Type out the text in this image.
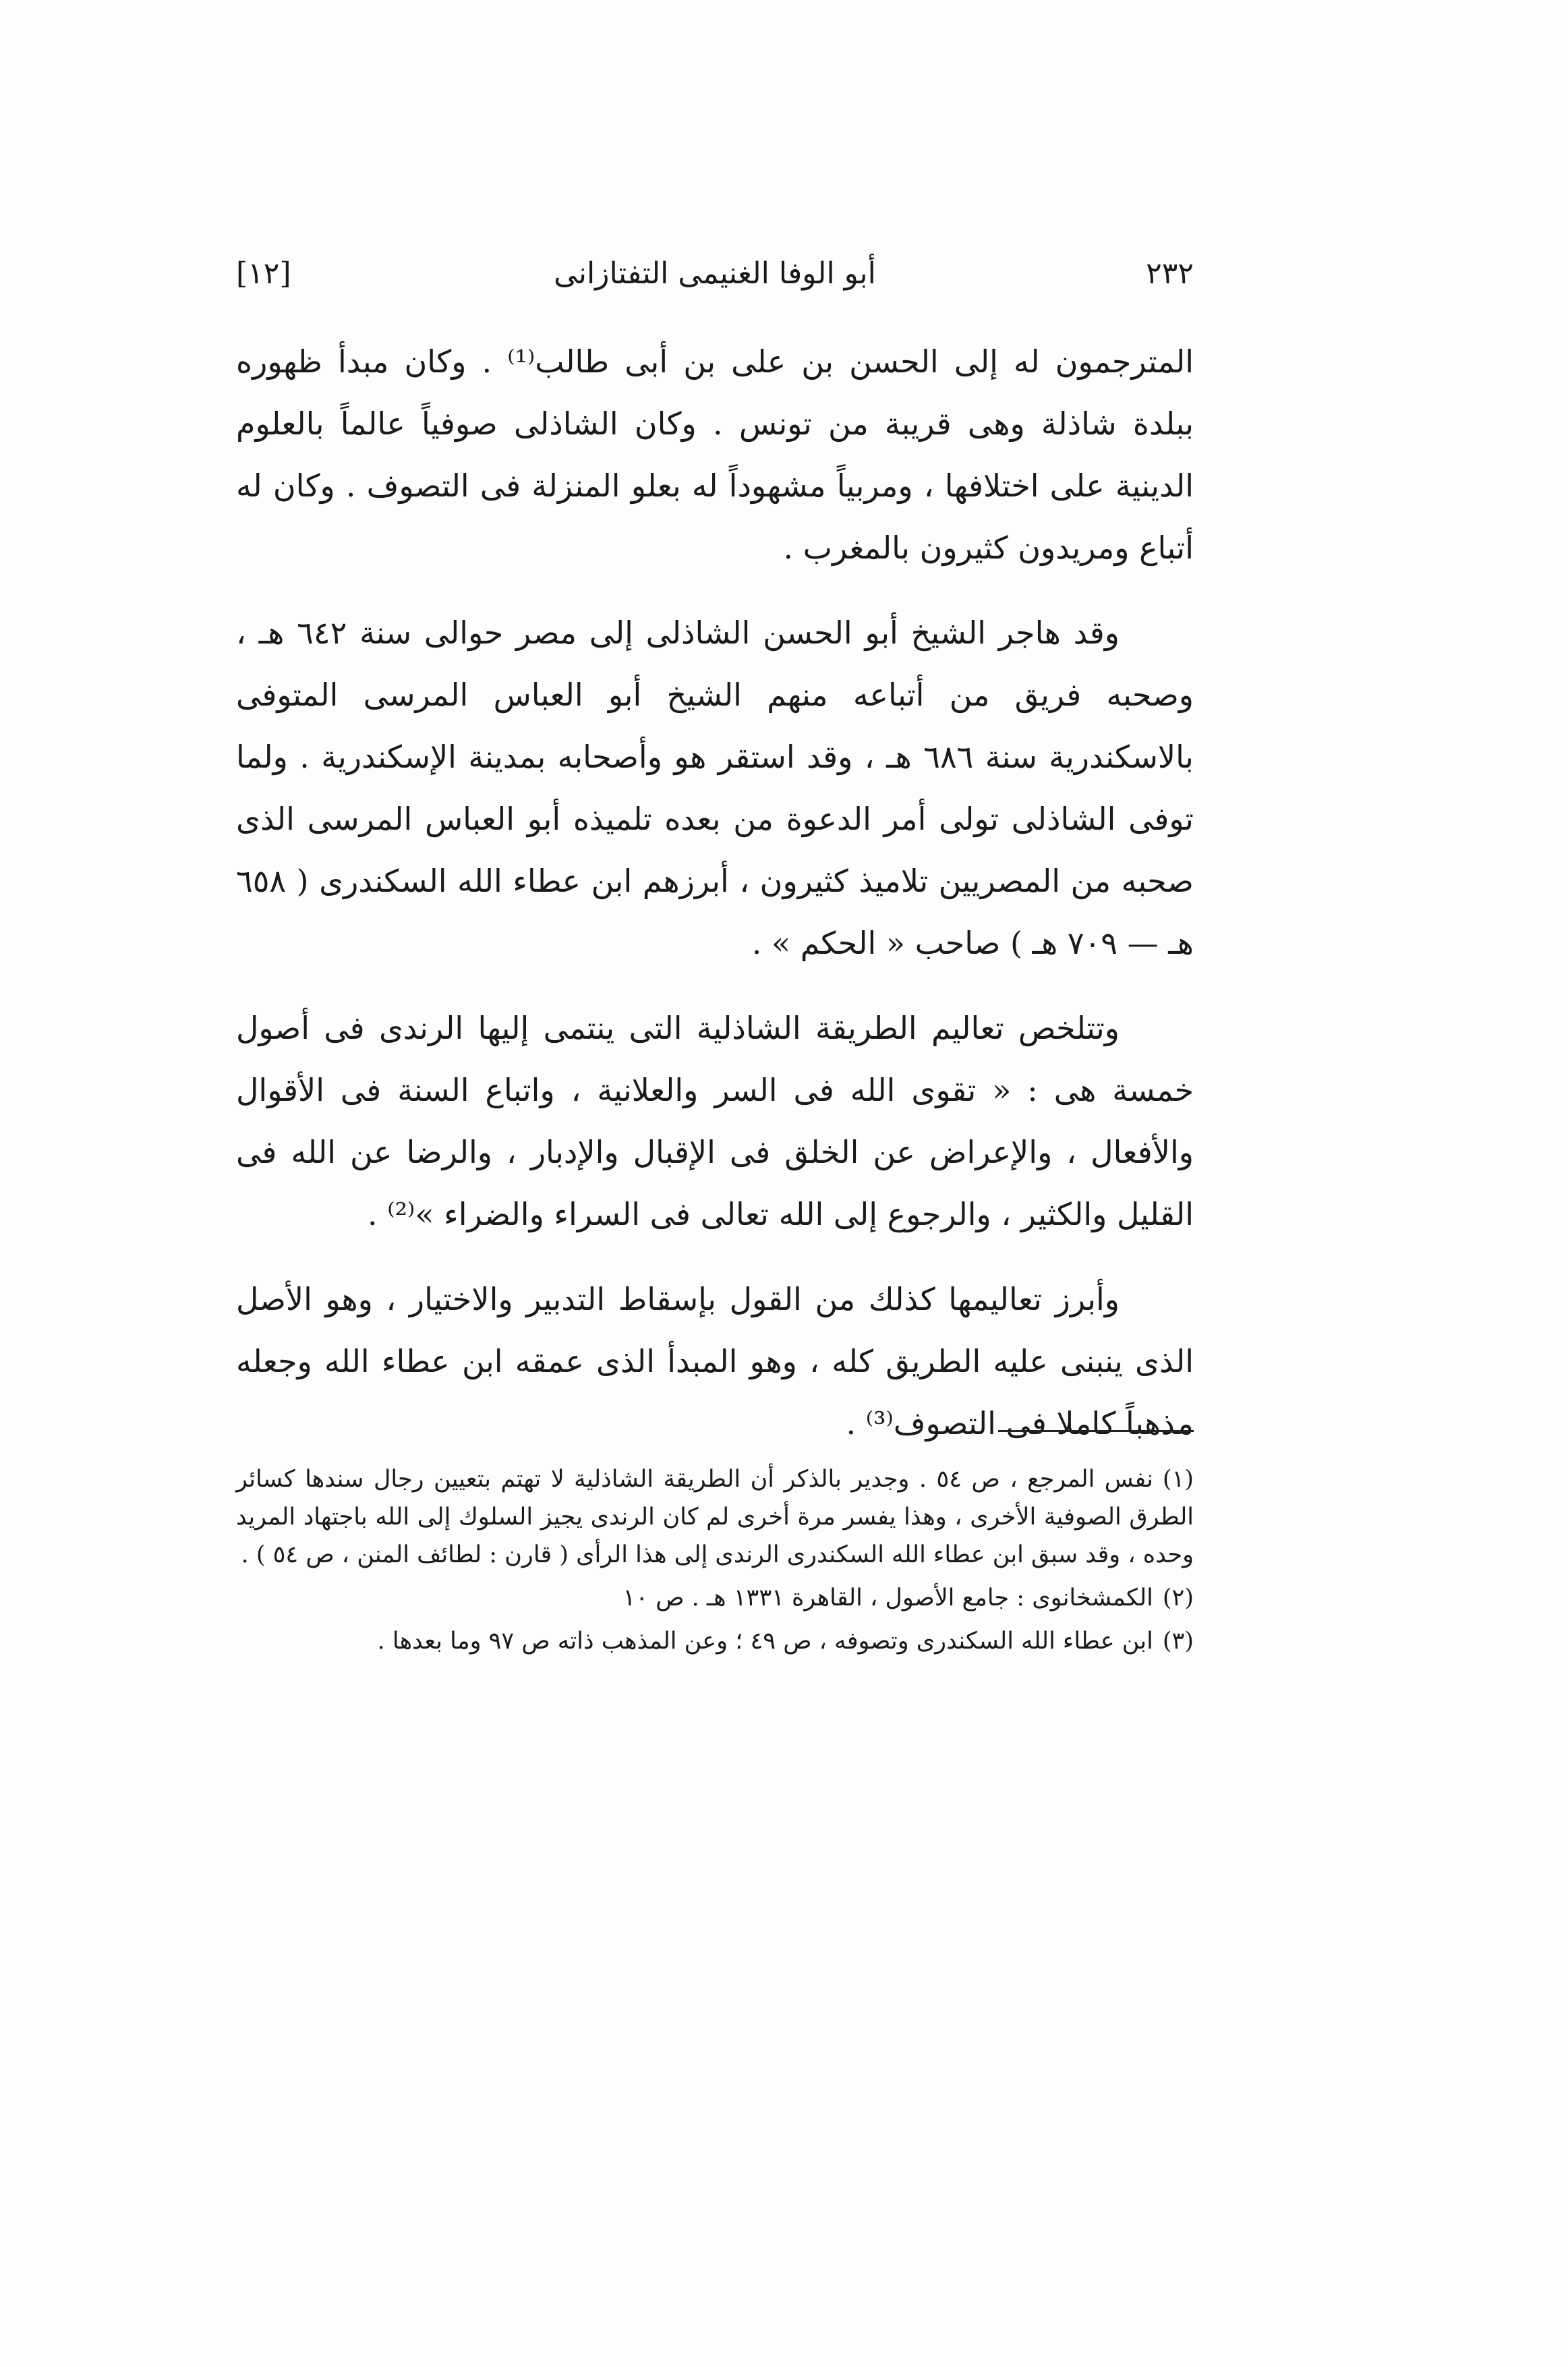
٢٣٢
أبو الوفا الغنيمى التفتازانى
[١٢]

المترجمون له إلى الحسن بن على بن أبى طالب⁽¹⁾ . وكان مبدأ ظهوره ببلدة شاذلة وهى قريبة من تونس . وكان الشاذلى صوفياً عالماً بالعلوم الدينية على اختلافها ، ومربياً مشهوداً له بعلو المنزلة فى التصوف . وكان له أتباع ومريدون كثيرون بالمغرب .

وقد هاجر الشيخ أبو الحسن الشاذلى إلى مصر حوالى سنة ٦٤٢ هـ ، وصحبه فريق من أتباعه منهم الشيخ أبو العباس المرسى المتوفى بالاسكندرية سنة ٦٨٦ هـ ، وقد استقر هو وأصحابه بمدينة الإسكندرية . ولما توفى الشاذلى تولى أمر الدعوة من بعده تلميذه أبو العباس المرسى الذى صحبه من المصريين تلاميذ كثيرون ، أبرزهم ابن عطاء الله السكندرى ( ٦٥٨ هـ — ٧٠٩ هـ ) صاحب « الحكم » .

وتتلخص تعاليم الطريقة الشاذلية التى ينتمى إليها الرندى فى أصول خمسة هى : « تقوى الله فى السر والعلانية ، واتباع السنة فى الأقوال والأفعال ، والإعراض عن الخلق فى الإقبال والإدبار ، والرضا عن الله فى القليل والكثير ، والرجوع إلى الله تعالى فى السراء والضراء »⁽²⁾ .

وأبرز تعاليمها كذلك من القول بإسقاط التدبير والاختيار ، وهو الأصل الذى ينبنى عليه الطريق كله ، وهو المبدأ الذى عمقه ابن عطاء الله وجعله مذهباً كاملا فى التصوف⁽³⁾ .

(١)نفس المرجع ، ص ٥٤ . وجدير بالذكر أن الطريقة الشاذلية لا تهتم بتعيين رجال سندها كسائر الطرق الصوفية الأخرى ، وهذا يفسر مرة أخرى لم كان الرندى يجيز السلوك إلى الله باجتهاد المريد وحده ، وقد سبق ابن عطاء الله السكندرى الرندى إلى هذا الرأى ( قارن : لطائف المنن ، ص ٥٤ ) .

(٢)الكمشخانوى : جامع الأصول ، القاهرة ١٣٣١ هـ . ص ١٠

(٣)ابن عطاء الله السكندرى وتصوفه ، ص ٤٩ ؛ وعن المذهب ذاته ص ٩٧ وما بعدها .
